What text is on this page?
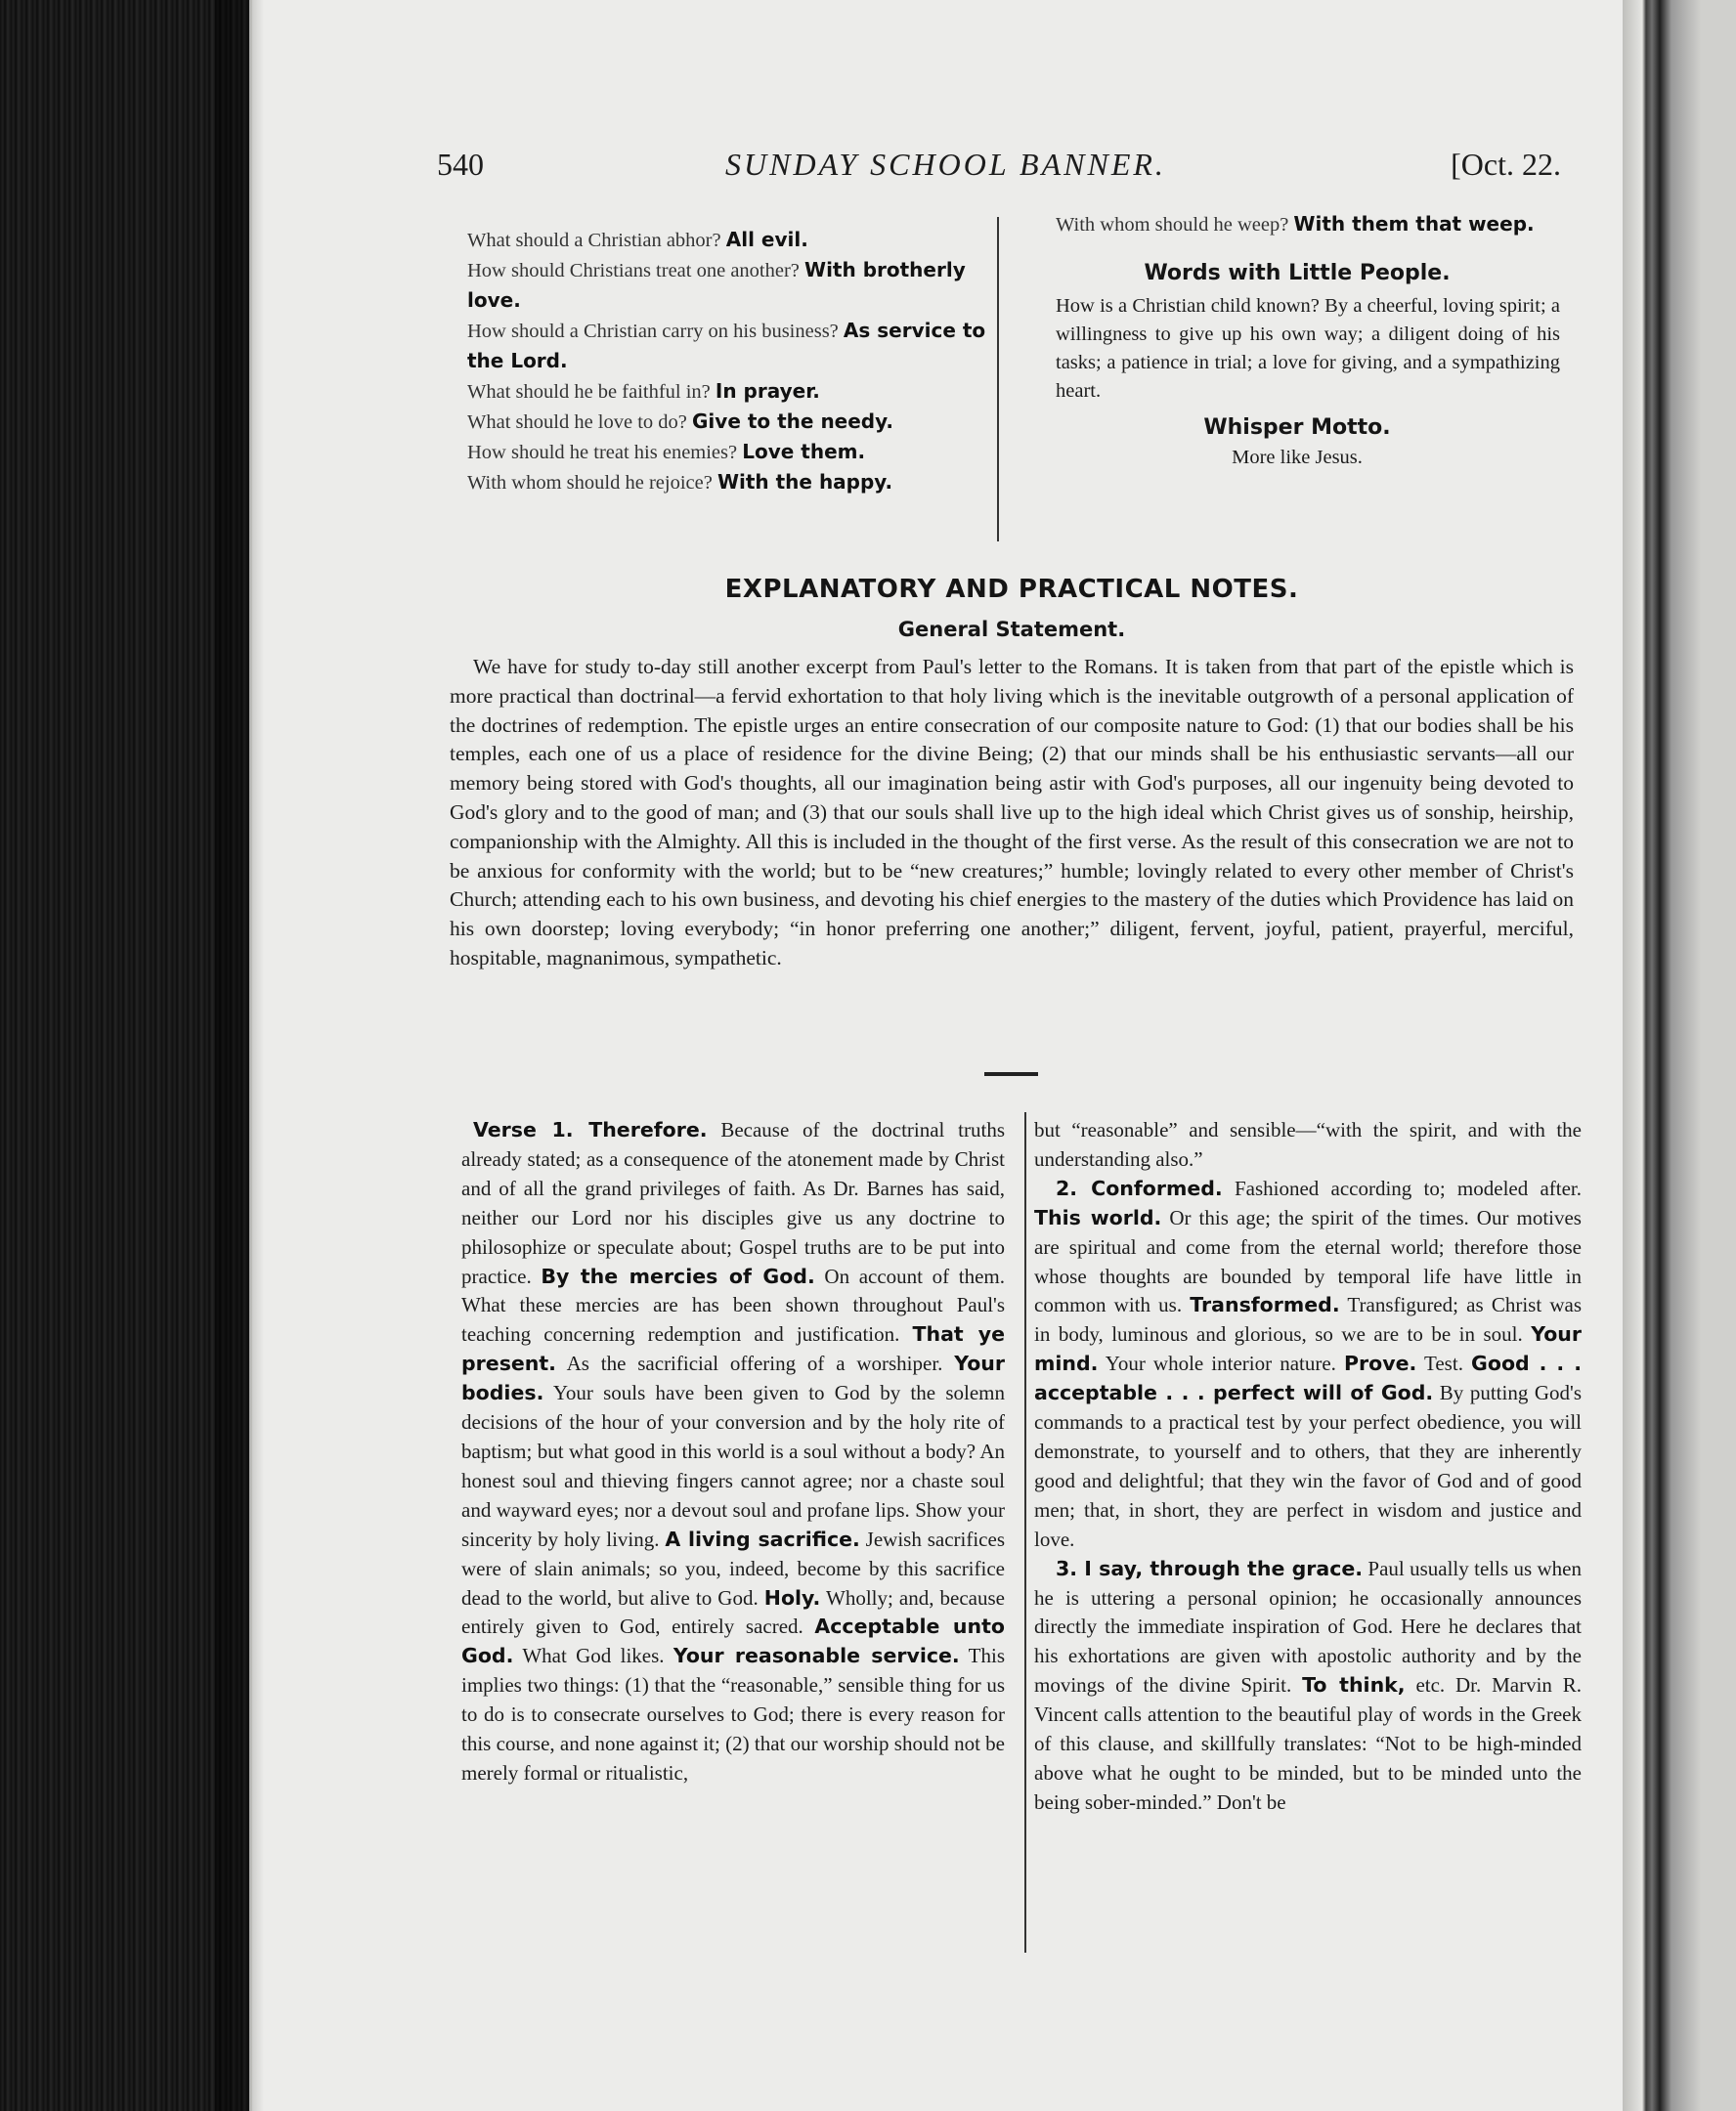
540	SUNDAY SCHOOL BANNER.	[Oct. 22.

What should a Christian abhor? All evil.

How should Christians treat one another? With brotherly love.

How should a Christian carry on his business? As service to the Lord.

What should he be faithful in? In prayer.

What should he love to do? Give to the needy.

How should he treat his enemies? Love them.

With whom should he rejoice? With the happy.

With whom should he weep? With them that weep.

Words with Little People.

How is a Christian child known? By a cheerful, loving spirit; a willingness to give up his own way; a diligent doing of his tasks; a patience in trial; a love for giving, and a sympathizing heart.

Whisper Motto.
More like Jesus.
EXPLANATORY AND PRACTICAL NOTES.
General Statement.

We have for study to-day still another excerpt from Paul's letter to the Romans. It is taken from that part of the epistle which is more practical than doctrinal—a fervid exhortation to that holy living which is the inevitable outgrowth of a personal application of the doctrines of redemption. The epistle urges an entire consecration of our composite nature to God: (1) that our bodies shall be his temples, each one of us a place of residence for the divine Being; (2) that our minds shall be his enthusiastic servants—all our memory being stored with God's thoughts, all our imagination being astir with God's purposes, all our ingenuity being devoted to God's glory and to the good of man; and (3) that our souls shall live up to the high ideal which Christ gives us of sonship, heirship, companionship with the Almighty. All this is included in the thought of the first verse. As the result of this consecration we are not to be anxious for conformity with the world; but to be “new creatures;” humble; lovingly related to every other member of Christ's Church; attending each to his own business, and devoting his chief energies to the mastery of the duties which Providence has laid on his own doorstep; loving everybody; “in honor preferring one another;” diligent, fervent, joyful, patient, prayerful, merciful, hospitable, magnanimous, sympathetic.

Verse 1. Therefore. Because of the doctrinal truths already stated; as a consequence of the atonement made by Christ and of all the grand privileges of faith. As Dr. Barnes has said, neither our Lord nor his disciples give us any doctrine to philosophize or speculate about; Gospel truths are to be put into practice. By the mercies of God. On account of them. What these mercies are has been shown throughout Paul's teaching concerning redemption and justification. That ye present. As the sacrificial offering of a worshiper. Your bodies. Your souls have been given to God by the solemn decisions of the hour of your conversion and by the holy rite of baptism; but what good in this world is a soul without a body? An honest soul and thieving fingers cannot agree; nor a chaste soul and wayward eyes; nor a devout soul and profane lips. Show your sincerity by holy living. A living sacrifice. Jewish sacrifices were of slain animals; so you, indeed, become by this sacrifice dead to the world, but alive to God. Holy. Wholly; and, because entirely given to God, entirely sacred. Acceptable unto God. What God likes. Your reasonable service. This implies two things: (1) that the “reasonable,” sensible thing for us to do is to consecrate ourselves to God; there is every reason for this course, and none against it; (2) that our worship should not be merely formal or ritualistic,

but “reasonable” and sensible—“with the spirit, and with the understanding also.”

2. Conformed. Fashioned according to; modeled after. This world. Or this age; the spirit of the times. Our motives are spiritual and come from the eternal world; therefore those whose thoughts are bounded by temporal life have little in common with us. Transformed. Transfigured; as Christ was in body, luminous and glorious, so we are to be in soul. Your mind. Your whole interior nature. Prove. Test. Good . . . acceptable . . . perfect will of God. By putting God's commands to a practical test by your perfect obedience, you will demonstrate, to yourself and to others, that they are inherently good and delightful; that they win the favor of God and of good men; that, in short, they are perfect in wisdom and justice and love.

3. I say, through the grace. Paul usually tells us when he is uttering a personal opinion; he occasionally announces directly the immediate inspiration of God. Here he declares that his exhortations are given with apostolic authority and by the movings of the divine Spirit. To think, etc. Dr. Marvin R. Vincent calls attention to the beautiful play of words in the Greek of this clause, and skillfully translates: “Not to be high-minded above what he ought to be minded, but to be minded unto the being sober-minded.” Don't be
